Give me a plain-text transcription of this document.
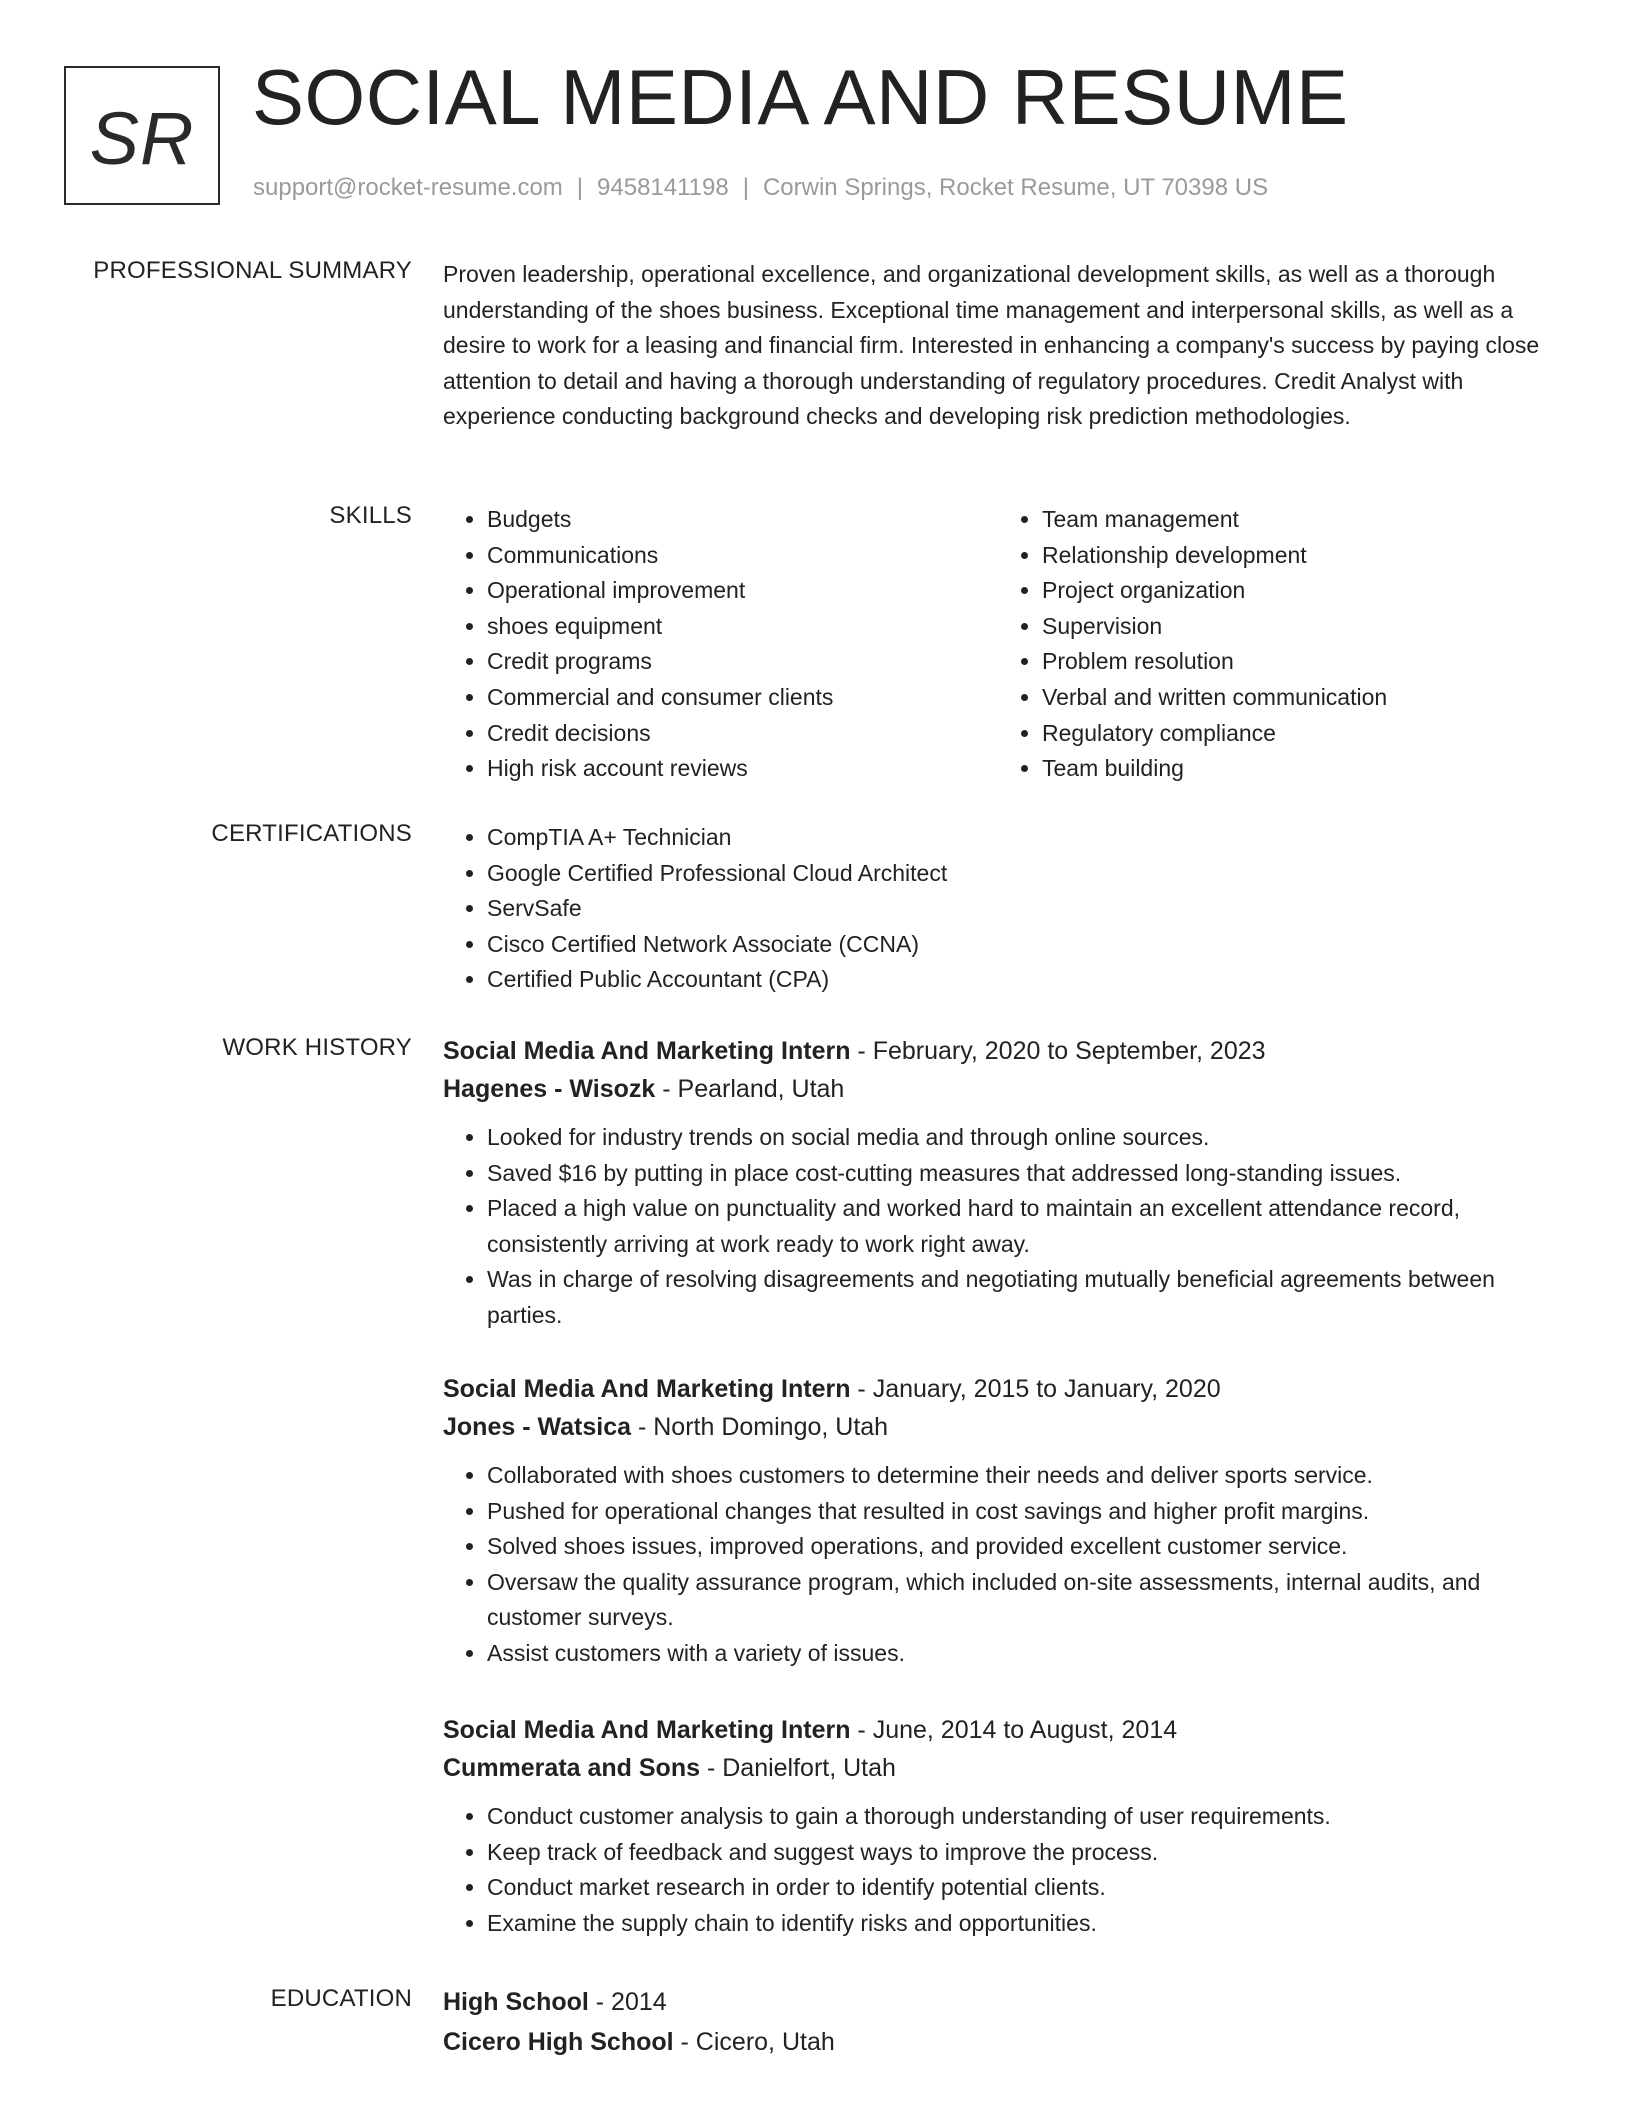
SR SOCIAL MEDIA AND RESUME
support@rocket-resume.com | 9458141198 | Corwin Springs, Rocket Resume, UT 70398 US
PROFESSIONAL SUMMARY Proven leadership, operational excellence, and organizational development skills, as well as a thorough understanding of the shoes business. Exceptional time management and interpersonal skills, as well as a desire to work for a leasing and financial firm. Interested in enhancing a company's success by paying close attention to detail and having a thorough understanding of regulatory procedures. Credit Analyst with experience conducting background checks and developing risk prediction methodologies.
SKILLS	• Budgets
• Communications
• Operational improvement
• shoes equipment
• Credit programs
• Commercial and consumer clients
• Credit decisions
• High risk account reviews
• Team management
• Relationship development
• Project organization
• Supervision
• Problem resolution
• Verbal and written communication
• Regulatory compliance
• Team building
CERTIFICATIONS	• CompTIA A+ Technician
• Google Certified Professional Cloud Architect
• ServSafe
• Cisco Certified Network Associate (CCNA)
• Certified Public Accountant (CPA)
WORK HISTORY Social Media And Marketing Intern - February, 2020 to September, 2023
Hagenes - Wisozk - Pearland, Utah
• Looked for industry trends on social media and through online sources.
• Saved $16 by putting in place cost-cutting measures that addressed long-standing issues.
• Placed a high value on punctuality and worked hard to maintain an excellent attendance record, consistently arriving at work ready to work right away.
• Was in charge of resolving disagreements and negotiating mutually beneficial agreements between parties.
Social Media And Marketing Intern - January, 2015 to January, 2020
Jones - Watsica - North Domingo, Utah
• Collaborated with shoes customers to determine their needs and deliver sports service.
• Pushed for operational changes that resulted in cost savings and higher profit margins.
• Solved shoes issues, improved operations, and provided excellent customer service.
• Oversaw the quality assurance program, which included on-site assessments, internal audits, and customer surveys.
• Assist customers with a variety of issues.
Social Media And Marketing Intern - June, 2014 to August, 2014
Cummerata and Sons - Danielfort, Utah
• Conduct customer analysis to gain a thorough understanding of user requirements.
• Keep track of feedback and suggest ways to improve the process.
• Conduct market research in order to identify potential clients.
• Examine the supply chain to identify risks and opportunities.
EDUCATION High School - 2014
Cicero High School - Cicero, Utah
